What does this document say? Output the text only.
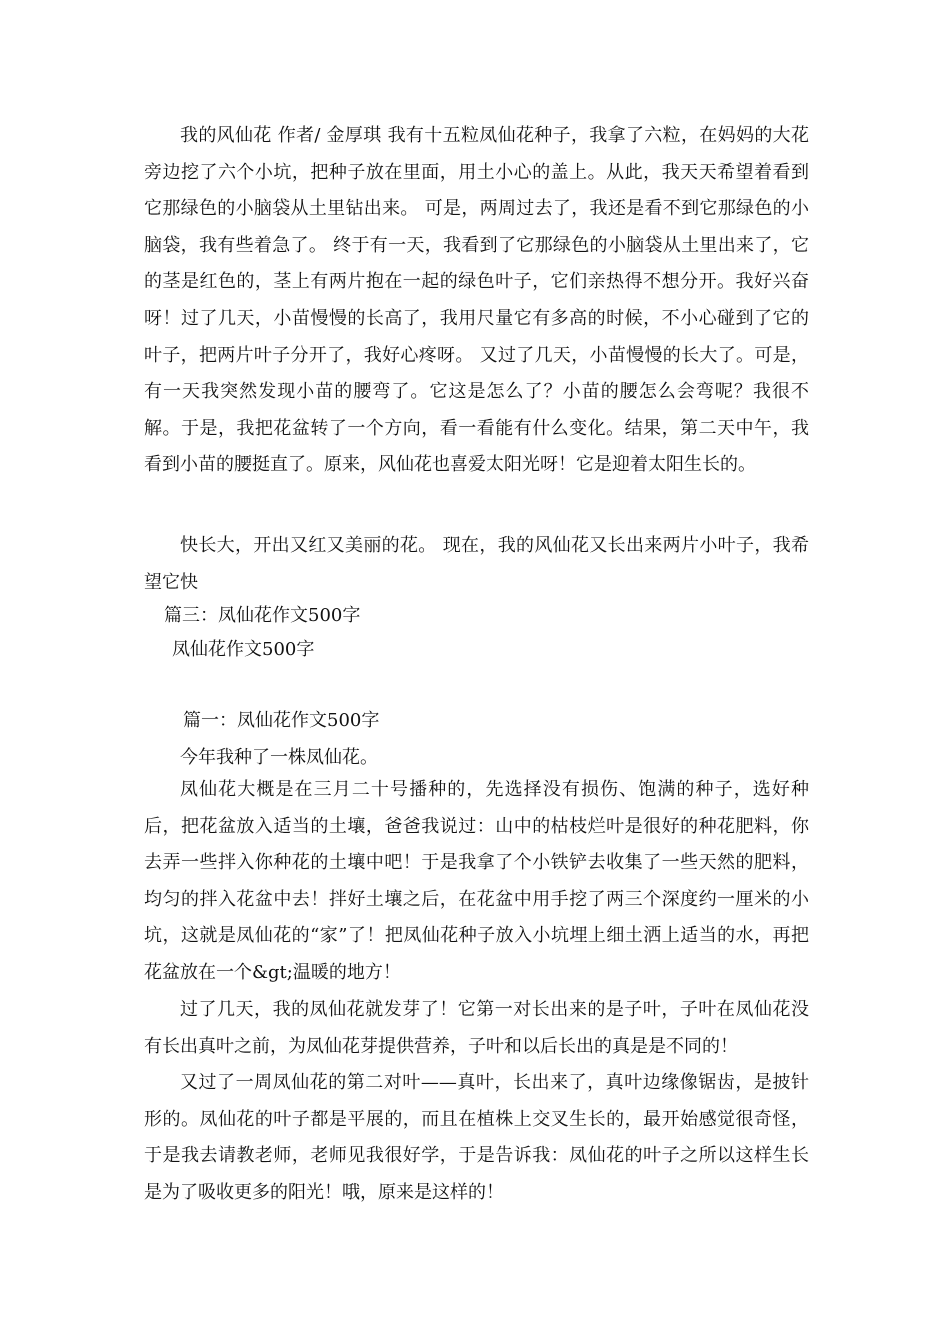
我的风仙花 作者/ 金厚琪 我有十五粒凤仙花种子，我拿了六粒，在妈妈的大花旁边挖了六个小坑，把种子放在里面，用土小心的盖上。从此，我天天希望着看到它那绿色的小脑袋从土里钻出来。 可是，两周过去了，我还是看不到它那绿色的小脑袋，我有些着急了。 终于有一天，我看到了它那绿色的小脑袋从土里出来了，它的茎是红色的，茎上有两片抱在一起的绿色叶子，它们亲热得不想分开。我好兴奋呀！过了几天，小苗慢慢的长高了，我用尺量它有多高的时候，不小心碰到了它的叶子，把两片叶子分开了，我好心疼呀。 又过了几天，小苗慢慢的长大了。可是，有一天我突然发现小苗的腰弯了。它这是怎么了？小苗的腰怎么会弯呢？我很不解。于是，我把花盆转了一个方向，看一看能有什么变化。结果，第二天中午，我看到小苗的腰挺直了。原来，风仙花也喜爱太阳光呀！它是迎着太阳生长的。

快长大，开出又红又美丽的花。 现在，我的风仙花又长出来两片小叶子，我希望它快

篇三：凤仙花作文500字

凤仙花作文500字

篇一：凤仙花作文500字

今年我种了一株凤仙花。

凤仙花大概是在三月二十号播种的，先选择没有损伤、饱满的种子，选好种后，把花盆放入适当的土壤，爸爸我说过：山中的枯枝烂叶是很好的种花肥料，你去弄一些拌入你种花的土壤中吧！于是我拿了个小铁铲去收集了一些天然的肥料，均匀的拌入花盆中去！拌好土壤之后，在花盆中用手挖了两三个深度约一厘米的小坑，这就是凤仙花的“家”了！把凤仙花种子放入小坑埋上细土洒上适当的水，再把花盆放在一个&gt;温暖的地方！

过了几天，我的凤仙花就发芽了！它第一对长出来的是子叶，子叶在凤仙花没有长出真叶之前，为凤仙花芽提供营养，子叶和以后长出的真是是不同的！

又过了一周凤仙花的第二对叶——真叶，长出来了，真叶边缘像锯齿，是披针形的。凤仙花的叶子都是平展的，而且在植株上交叉生长的，最开始感觉很奇怪，于是我去请教老师，老师见我很好学，于是告诉我：凤仙花的叶子之所以这样生长是为了吸收更多的阳光！哦，原来是这样的！
